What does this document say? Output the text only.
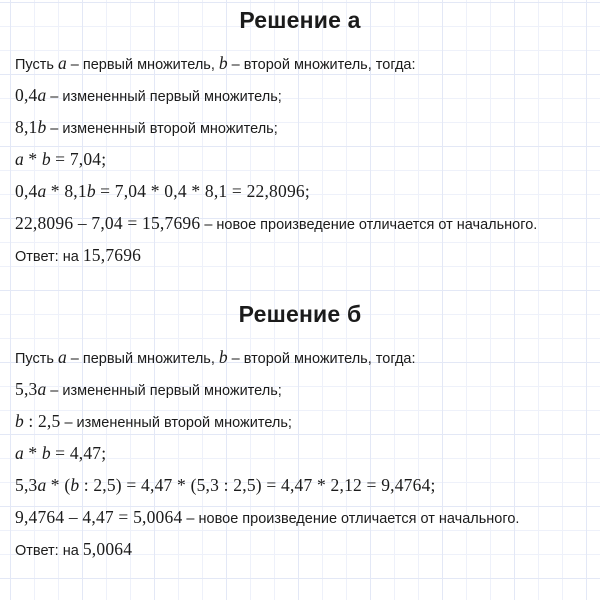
Решение а
Решение б
Пусть a – первый множитель, b – второй множитель, тогда:
0,4a – измененный первый множитель;
8,1b – измененный второй множитель;
a * b = 7,04;
0,4a * 8,1b = 7,04 * 0,4 * 8,1 = 22,8096;
22,8096 – 7,04 = 15,7696 – новое произведение отличается от начального.
Ответ: на 15,7696
Пусть a – первый множитель, b – второй множитель, тогда:
5,3a – измененный первый множитель;
b : 2,5 – измененный второй множитель;
a * b = 4,47;
5,3a * (b : 2,5) = 4,47 * (5,3 : 2,5) = 4,47 * 2,12 = 9,4764;
9,4764 – 4,47 = 5,0064 – новое произведение отличается от начального.
Ответ: на 5,0064
